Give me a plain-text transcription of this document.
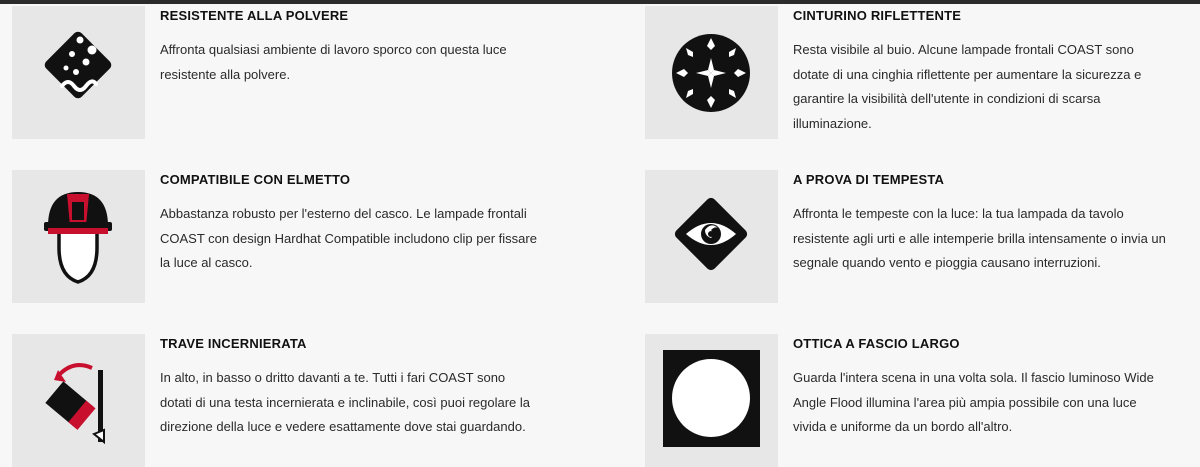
RESISTENTE ALLA POLVERE

Affronta qualsiasi ambiente di lavoro sporco con questa luce resistente alla polvere.

CINTURINO RIFLETTENTE

Resta visibile al buio. Alcune lampade frontali COAST sono dotate di una cinghia riflettente per aumentare la sicurezza e garantire la visibilità dell'utente in condizioni di scarsa illuminazione.

COMPATIBILE CON ELMETTO

Abbastanza robusto per l'esterno del casco. Le lampade frontali COAST con design Hardhat Compatible includono clip per fissare la luce al casco.

A PROVA DI TEMPESTA

Affronta le tempeste con la luce: la tua lampada da tavolo resistente agli urti e alle intemperie brilla intensamente o invia un segnale quando vento e pioggia causano interruzioni.

TRAVE INCERNIERATA

In alto, in basso o dritto davanti a te. Tutti i fari COAST sono dotati di una testa incernierata e inclinabile, così puoi regolare la direzione della luce e vedere esattamente dove stai guardando.

OTTICA A FASCIO LARGO

Guarda l'intera scena in una volta sola. Il fascio luminoso Wide Angle Flood illumina l'area più ampia possibile con una luce vivida e uniforme da un bordo all'altro.
